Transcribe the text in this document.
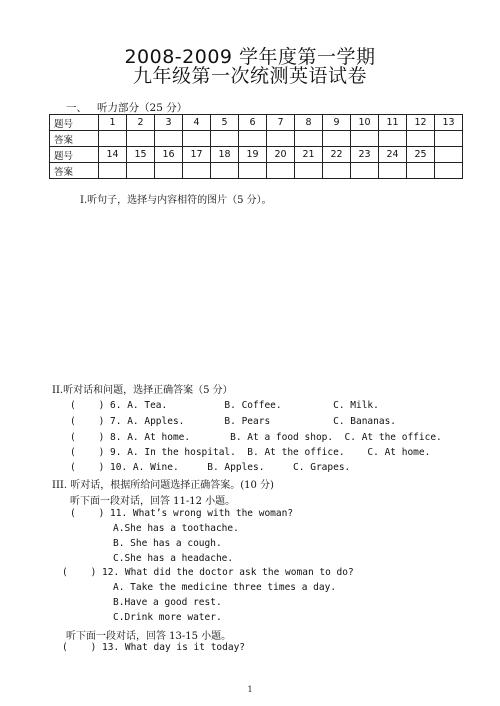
2008-2009 学年度第一学期
九年级第一次统测英语试卷
一、   听力部分（25 分）
题号	1	2	3	4	5	6	7	8	9	10	11	12	13
答案													
题号	14	15	16	17	18	19	20	21	22	23	24	25	
答案													
I.听句子，选择与内容相符的图片（5 分）。
II.听对话和问题，选择正确答案（5 分）
(    ) 6. A. Tea.          B. Coffee.         C. Milk.
(    ) 7. A. Apples.       B. Pears           C. Bananas.
(    ) 8. A. At home.       B. At a food shop.  C. At the office.
(    ) 9. A. In the hospital.  B. At the office.    C. At home.
(    ) 10. A. Wine.     B. Apples.     C. Grapes.
III. 听对话，根据所给问题选择正确答案。(10 分)
听下面一段对话，回答 11-12 小题。
(    ) 11. What’s wrong with the woman?
A.She has a toothache.
B. She has a cough.
C.She has a headache.
(    ) 12. What did the doctor ask the woman to do?
A. Take the medicine three times a day.
B.Have a good rest.
C.Drink more water.
听下面一段对话，回答 13-15 小题。
(    ) 13. What day is it today?
1
